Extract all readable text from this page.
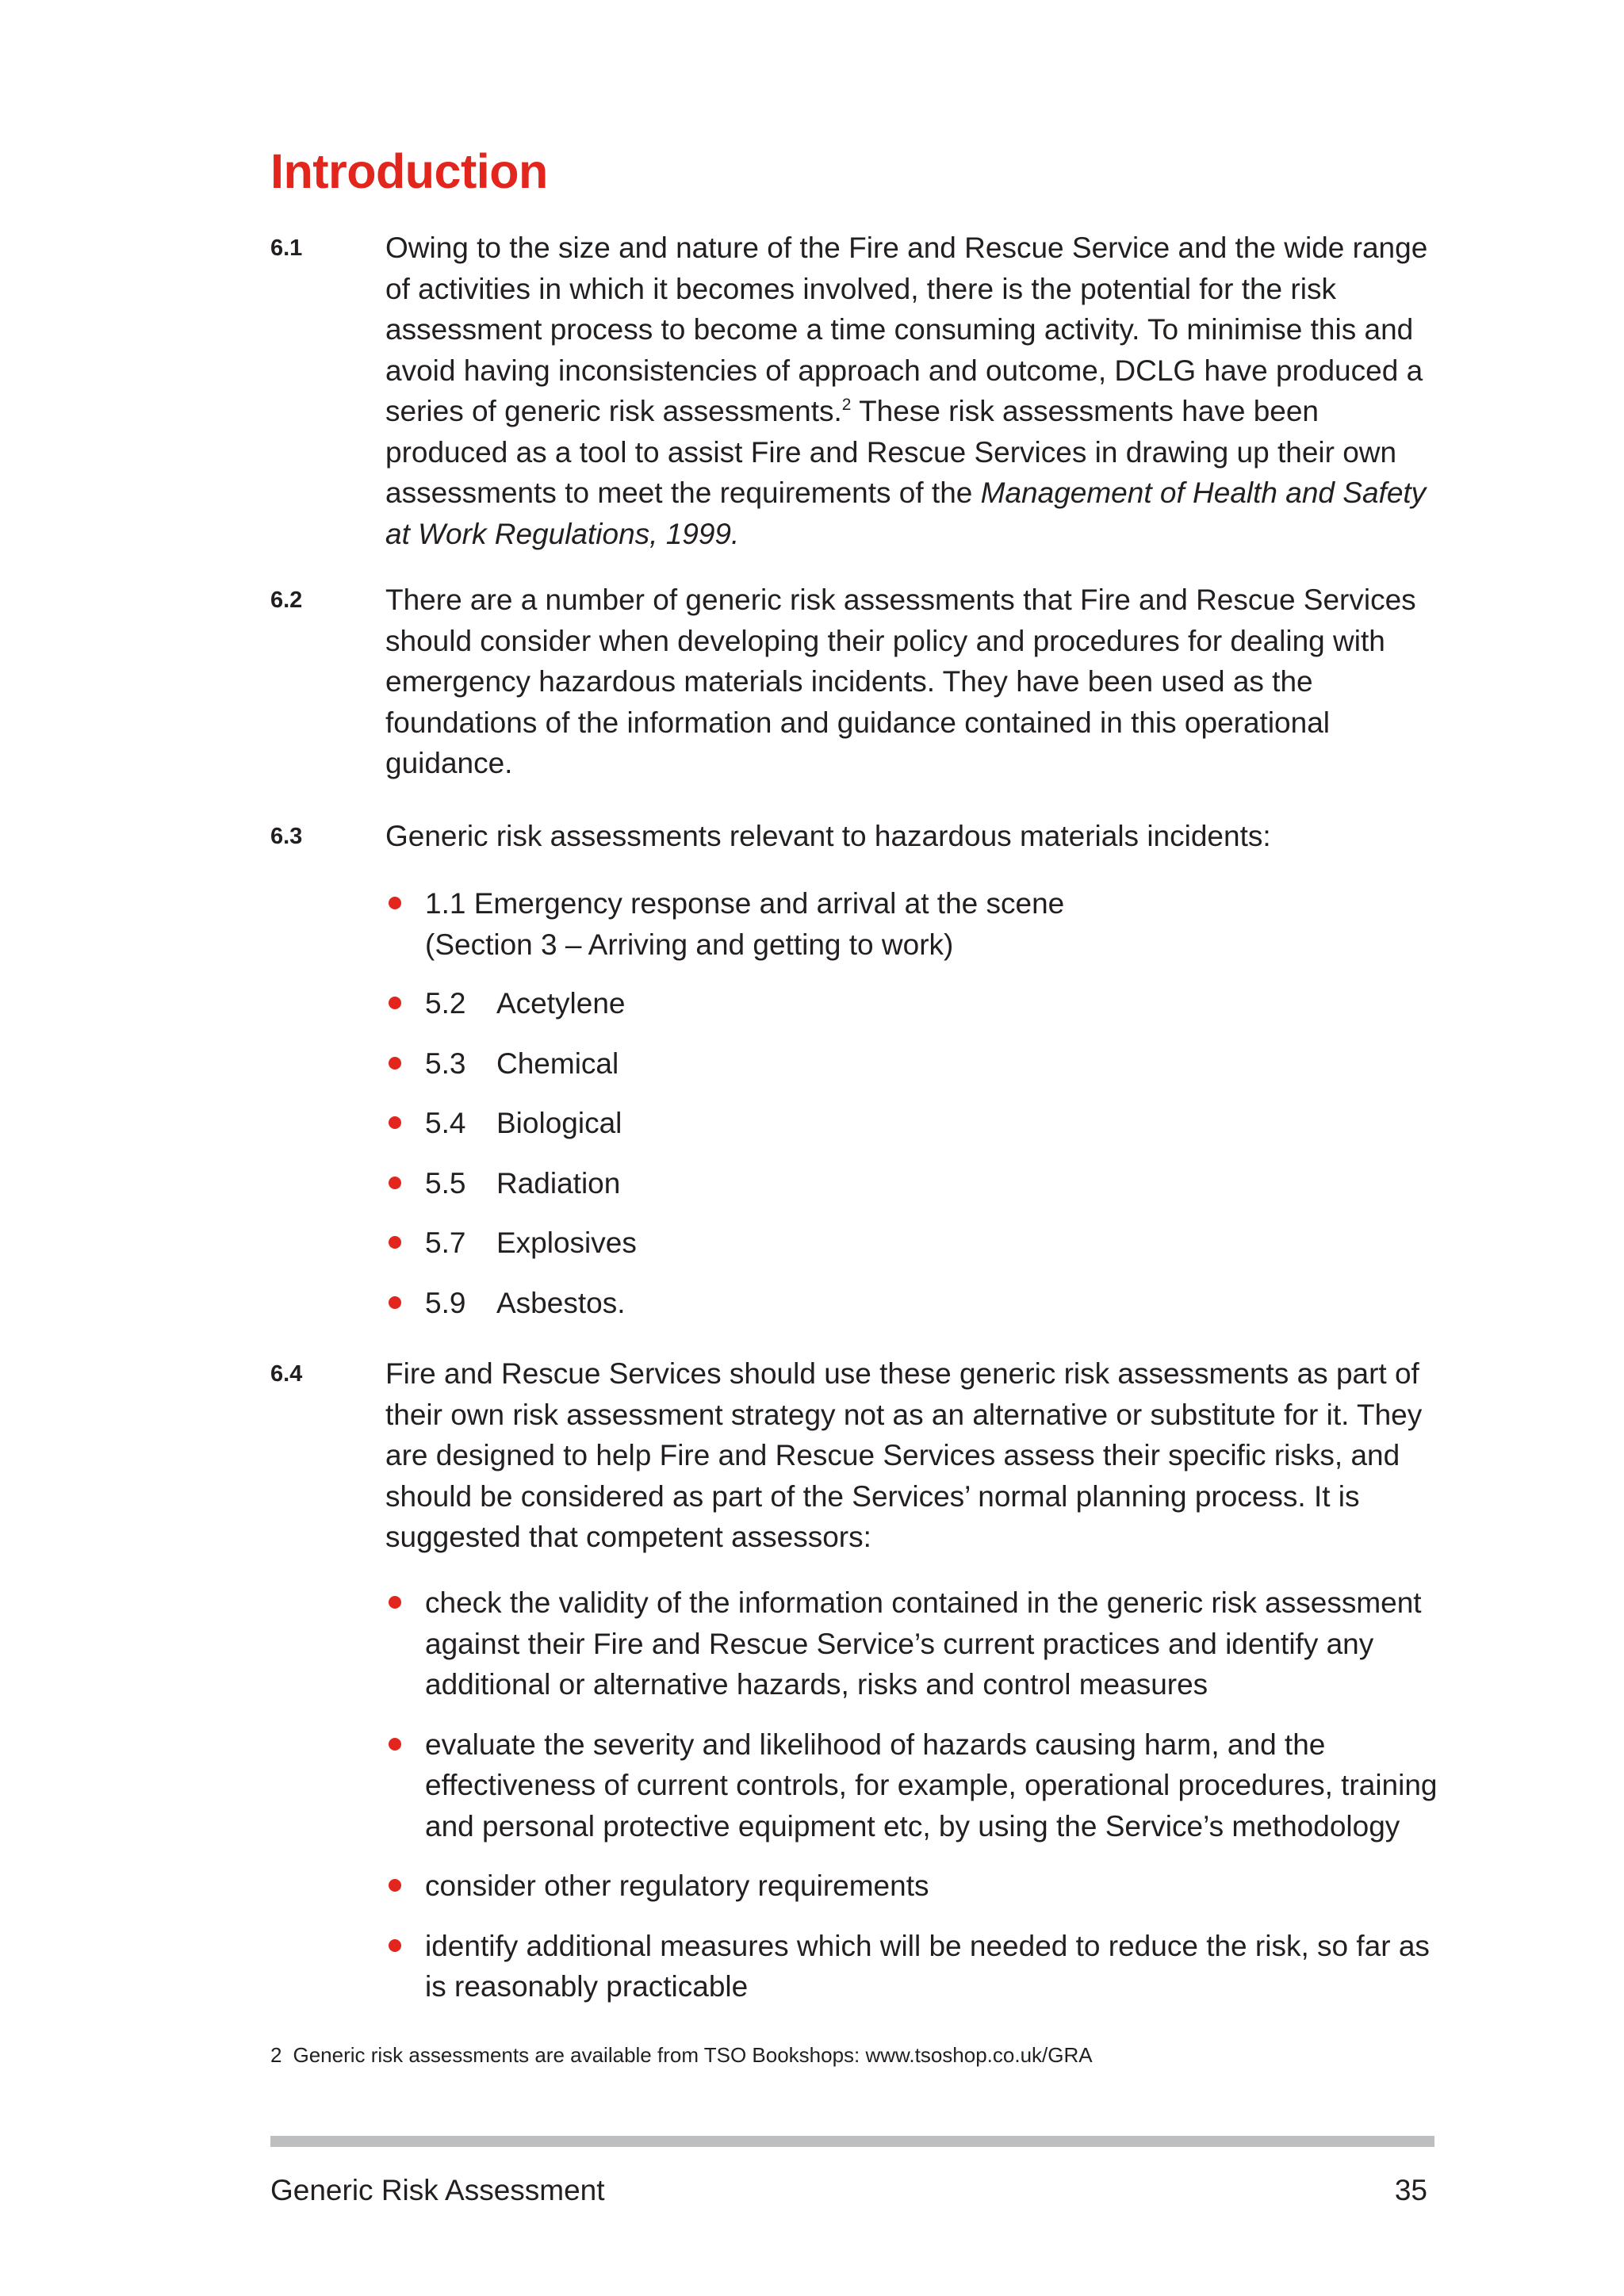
Introduction
6.1	Owing to the size and nature of the Fire and Rescue Service and the wide range of activities in which it becomes involved, there is the potential for the risk assessment process to become a time consuming activity. To minimise this and avoid having inconsistencies of approach and outcome, DCLG have produced a series of generic risk assessments.$^2$ These risk assessments have been produced as a tool to assist Fire and Rescue Services in drawing up their own assessments to meet the requirements of the Management of Health and Safety at Work Regulations, 1999.

6.2	There are a number of generic risk assessments that Fire and Rescue Services should consider when developing their policy and procedures for dealing with emergency hazardous materials incidents. They have been used as the foundations of the information and guidance contained in this operational guidance.

6.3	Generic risk assessments relevant to hazardous materials incidents:

1.1 Emergency response and arrival at the scene
(Section 3 – Arriving and getting to work)
5.2 Acetylene
5.3 Chemical
5.4 Biological
5.5 Radiation
5.7 Explosives
5.9 Asbestos.
6.4	Fire and Rescue Services should use these generic risk assessments as part of their own risk assessment strategy not as an alternative or substitute for it. They are designed to help Fire and Rescue Services assess their specific risks, and should be considered as part of the Services’ normal planning process. It is suggested that competent assessors:

check the validity of the information contained in the generic risk assessment against their Fire and Rescue Service’s current practices and identify any additional or alternative hazards, risks and control measures
evaluate the severity and likelihood of hazards causing harm, and the effectiveness of current controls, for example, operational procedures, training and personal protective equipment etc, by using the Service’s methodology
consider other regulatory requirements
identify additional measures which will be needed to reduce the risk, so far as is reasonably practicable
2 Generic risk assessments are available from TSO Bookshops: www.tsoshop.co.uk/GRA
Generic Risk Assessment	35
